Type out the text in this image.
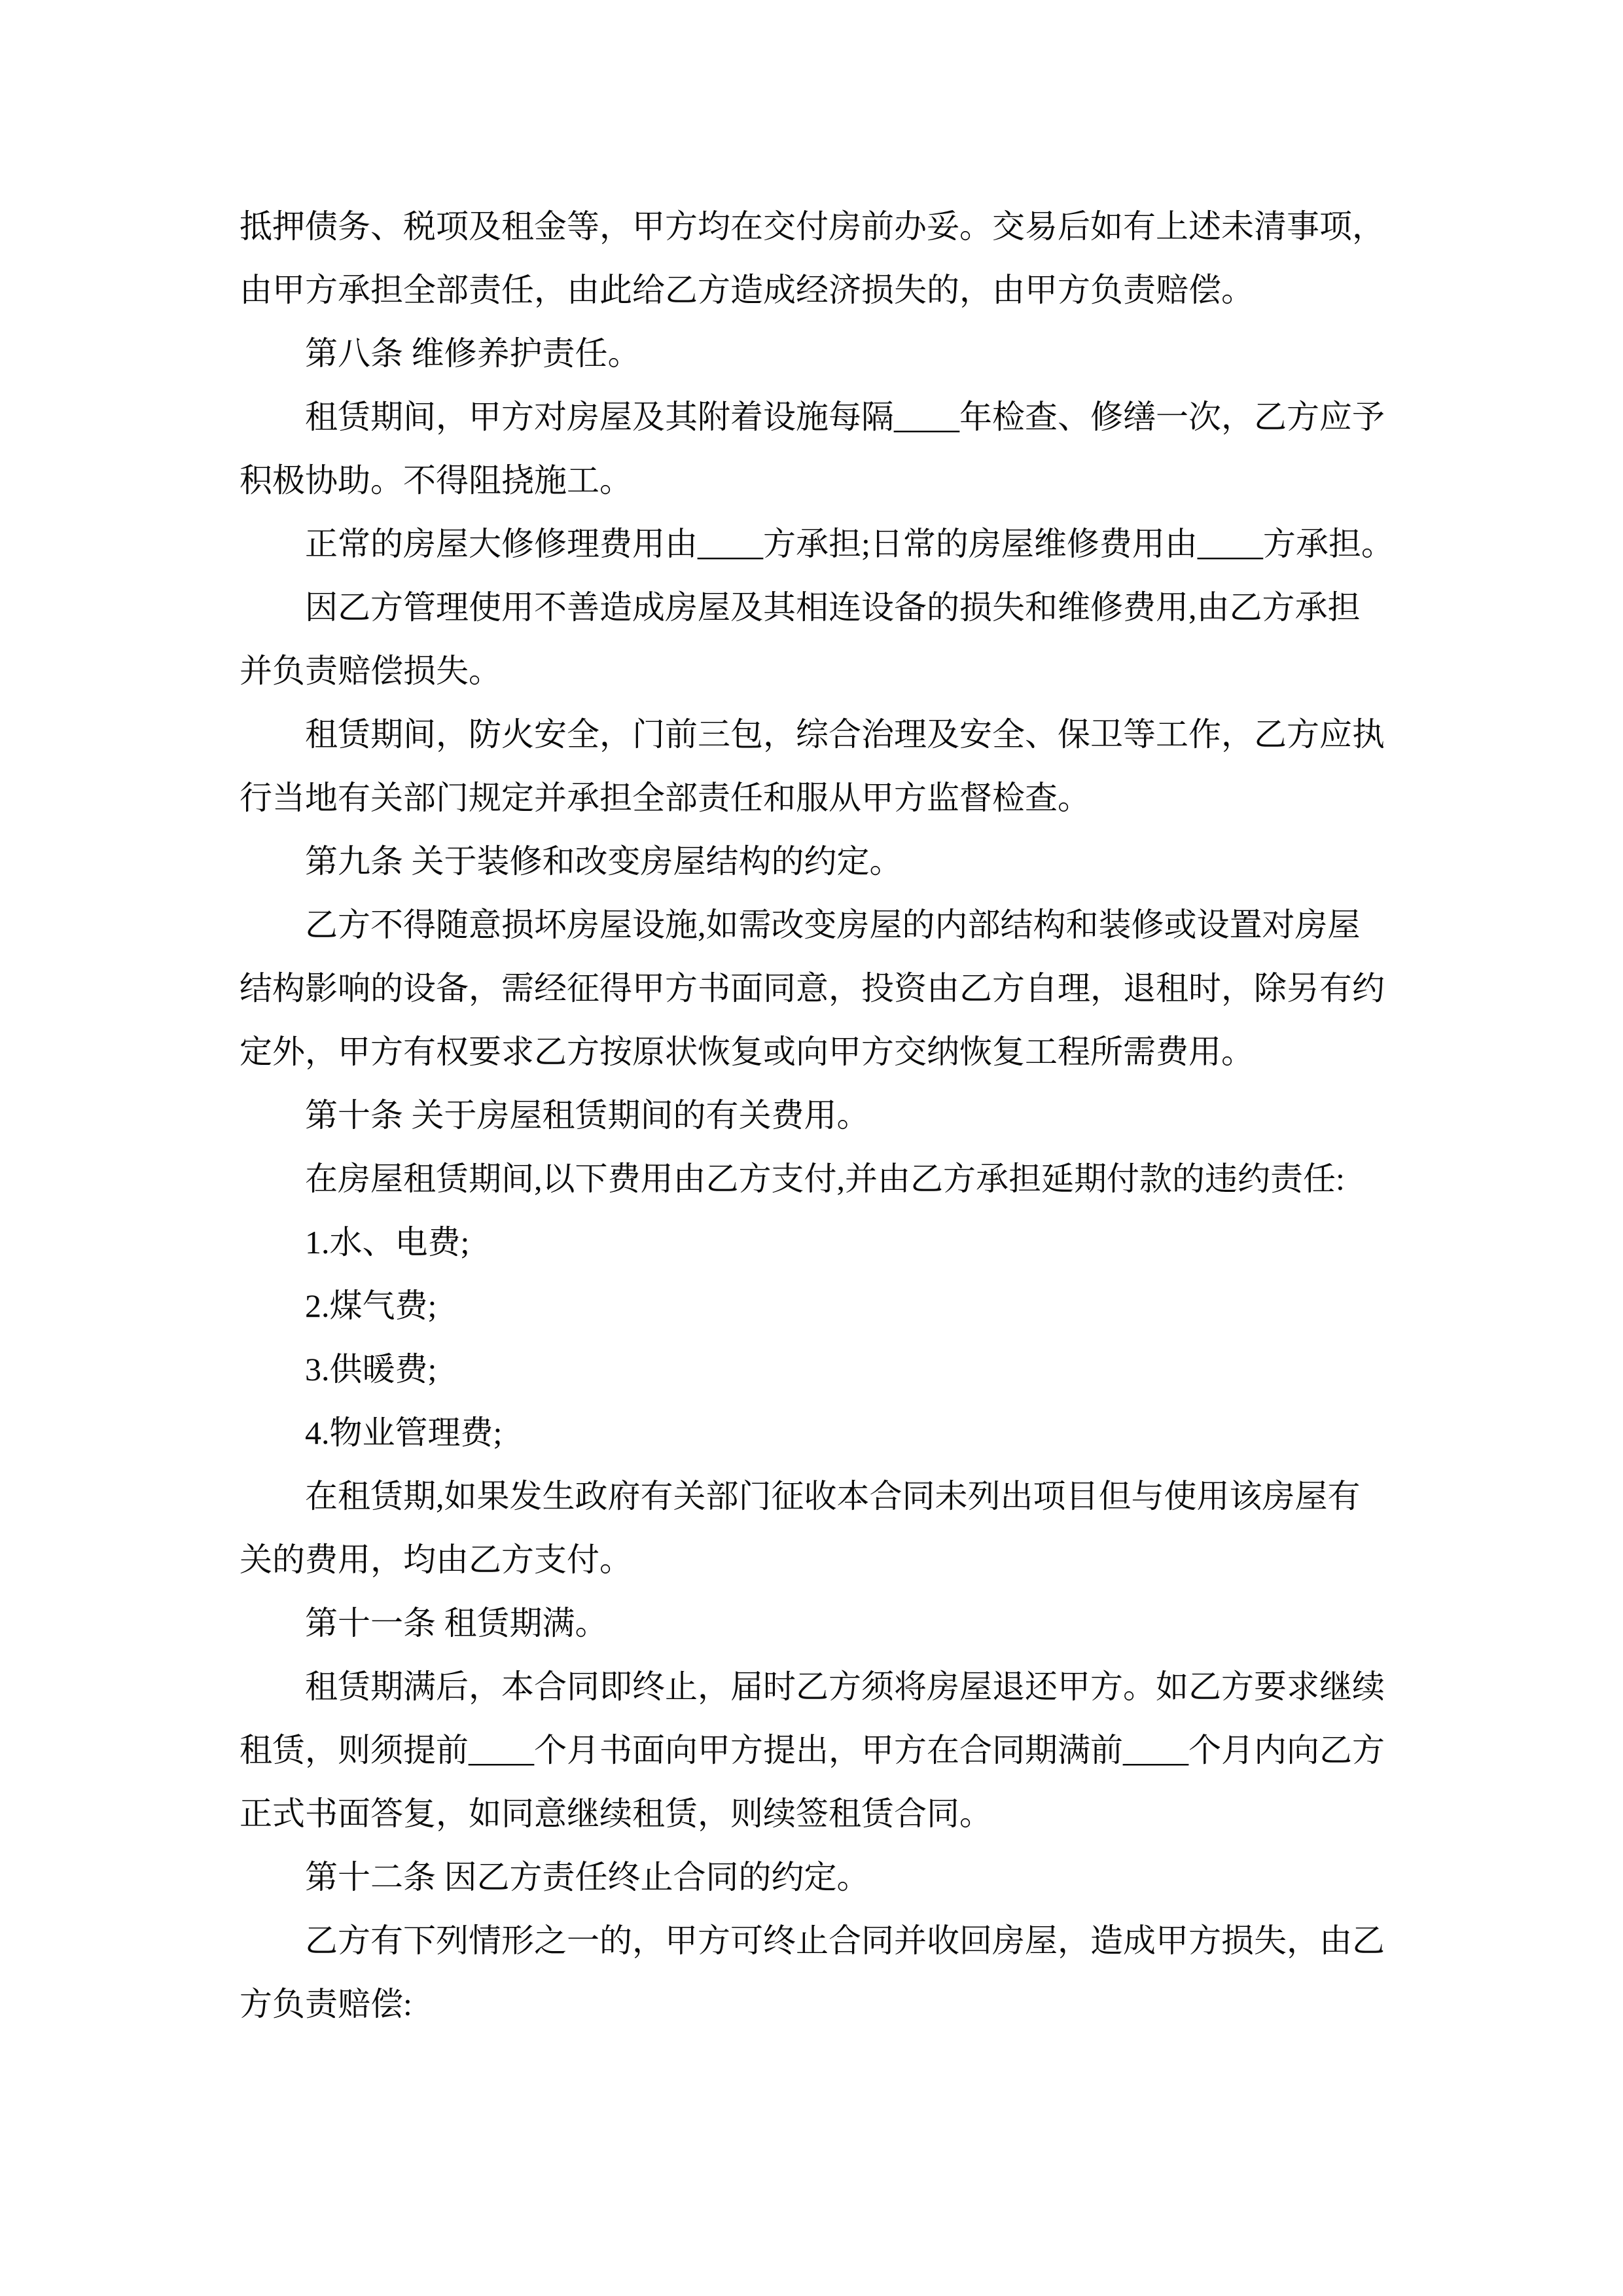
抵押债务、税项及租金等，甲方均在交付房前办妥。交易后如有上述未清事项，
由甲方承担全部责任，由此给乙方造成经济损失的，由甲方负责赔偿。
第八条 维修养护责任。
租赁期间，甲方对房屋及其附着设施每隔____年检查、修缮一次，乙方应予
积极协助。不得阻挠施工。
正常的房屋大修修理费用由____方承担;日常的房屋维修费用由____方承担。
因乙方管理使用不善造成房屋及其相连设备的损失和维修费用,由乙方承担
并负责赔偿损失。
租赁期间，防火安全，门前三包，综合治理及安全、保卫等工作，乙方应执
行当地有关部门规定并承担全部责任和服从甲方监督检查。
第九条 关于装修和改变房屋结构的约定。
乙方不得随意损坏房屋设施,如需改变房屋的内部结构和装修或设置对房屋
结构影响的设备，需经征得甲方书面同意，投资由乙方自理，退租时，除另有约
定外，甲方有权要求乙方按原状恢复或向甲方交纳恢复工程所需费用。
第十条 关于房屋租赁期间的有关费用。
在房屋租赁期间,以下费用由乙方支付,并由乙方承担延期付款的违约责任:
1.水、电费;
2.煤气费;
3.供暖费;
4.物业管理费;
在租赁期,如果发生政府有关部门征收本合同未列出项目但与使用该房屋有
关的费用，均由乙方支付。
第十一条 租赁期满。
租赁期满后，本合同即终止，届时乙方须将房屋退还甲方。如乙方要求继续
租赁，则须提前____个月书面向甲方提出，甲方在合同期满前____个月内向乙方
正式书面答复，如同意继续租赁，则续签租赁合同。
第十二条 因乙方责任终止合同的约定。
乙方有下列情形之一的，甲方可终止合同并收回房屋，造成甲方损失，由乙
方负责赔偿:
